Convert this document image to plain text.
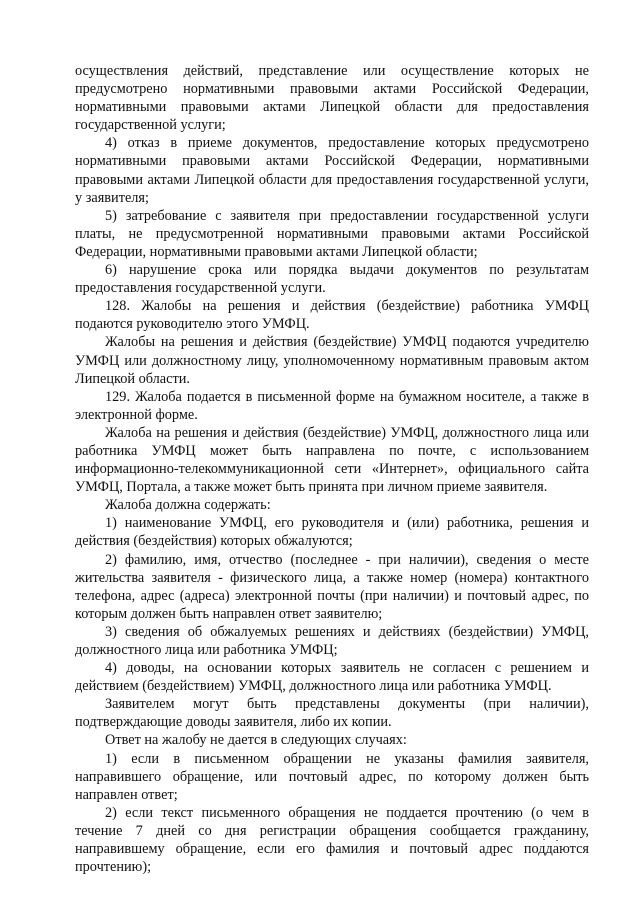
осуществления действий, представление или осуществление которых не предусмотрено нормативными правовыми актами Российской Федерации, нормативными правовыми актами Липецкой области для предоставления государственной услуги;

4) отказ в приеме документов, предоставление которых предусмотрено нормативными правовыми актами Российской Федерации, нормативными правовыми актами Липецкой области для предоставления государственной услуги, у заявителя;

5) затребование с заявителя при предоставлении государственной услуги платы, не предусмотренной нормативными правовыми актами Российской Федерации, нормативными правовыми актами Липецкой области;

6) нарушение срока или порядка выдачи документов по результатам предоставления государственной услуги.

128. Жалобы на решения и действия (бездействие) работника УМФЦ подаются руководителю этого УМФЦ.

Жалобы на решения и действия (бездействие) УМФЦ подаются учредителю УМФЦ или должностному лицу, уполномоченному нормативным правовым актом Липецкой области.

129. Жалоба подается в письменной форме на бумажном носителе, а также в электронной форме.

Жалоба на решения и действия (бездействие) УМФЦ, должностного лица или работника УМФЦ может быть направлена по почте, с использованием информационно-телекоммуникационной сети «Интернет», официального сайта УМФЦ, Портала, а также может быть принята при личном приеме заявителя.

Жалоба должна содержать:

1) наименование УМФЦ, его руководителя и (или) работника, решения и действия (бездействия) которых обжалуются;

2) фамилию, имя, отчество (последнее - при наличии), сведения о месте жительства заявителя - физического лица, а также номер (номера) контактного телефона, адрес (адреса) электронной почты (при наличии) и почтовый адрес, по которым должен быть направлен ответ заявителю;

3) сведения об обжалуемых решениях и действиях (бездействии) УМФЦ, должностного лица или работника УМФЦ;

4) доводы, на основании которых заявитель не согласен с решением и действием (бездействием) УМФЦ, должностного лица или работника УМФЦ.

Заявителем могут быть представлены документы (при наличии), подтверждающие доводы заявителя, либо их копии.

Ответ на жалобу не дается в следующих случаях:

1) если в письменном обращении не указаны фамилия заявителя, направившего обращение, или почтовый адрес, по которому должен быть направлен ответ;

2) если текст письменного обращения не поддается прочтению (о чем в течение 7 дней со дня регистрации обращения сообщается гражданину, направившему обращение, если его фамилия и почтовый адрес поддаются прочтению);
